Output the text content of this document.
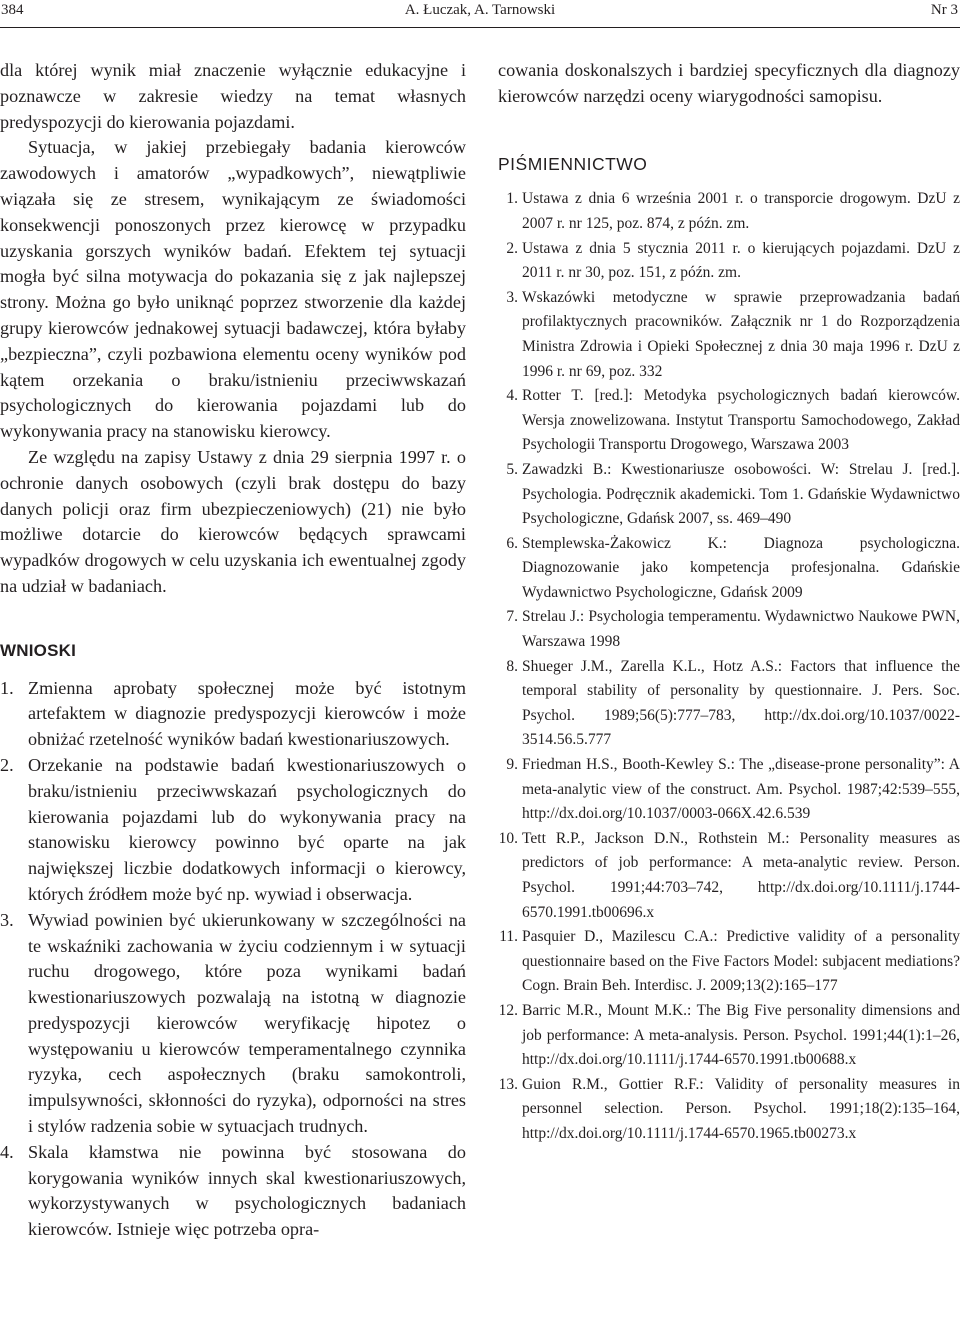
384	A. Łuczak, A. Tarnowski	Nr 3

dla której wynik miał znaczenie wyłącznie edukacyjne i poznawcze w zakresie wiedzy na temat własnych predyspozycji do kierowania pojazdami.

Sytuacja, w jakiej przebiegały badania kierowców zawodowych i amatorów „wypadkowych”, niewątpliwie wiązała się ze stresem, wynikającym ze świadomości konsekwencji ponoszonych przez kierowcę w przypadku uzyskania gorszych wyników badań. Efektem tej sytuacji mogła być silna motywacja do pokazania się z jak najlepszej strony. Można go było uniknąć poprzez stworzenie dla każdej grupy kierowców jednakowej sytuacji badawczej, która byłaby „bezpieczna”, czyli pozbawiona elementu oceny wyników pod kątem orzekania o braku/istnieniu przeciwwskazań psychologicznych do kierowania pojazdami lub do wykonywania pracy na stanowisku kierowcy.

Ze względu na zapisy Ustawy z dnia 29 sierpnia 1997 r. o ochronie danych osobowych (czyli brak dostępu do bazy danych policji oraz firm ubezpieczeniowych) (21) nie było możliwe dotarcie do kierowców będących sprawcami wypadków drogowych w celu uzyskania ich ewentualnej zgody na udział w badaniach.

WNIOSKI
1. Zmienna aprobaty społecznej może być istotnym artefaktem w diagnozie predyspozycji kierowców i może obniżać rzetelność wyników badań kwestionariuszowych.
2. Orzekanie na podstawie badań kwestionariuszowych o braku/istnieniu przeciwwskazań psychologicznych do kierowania pojazdami lub do wykonywania pracy na stanowisku kierowcy powinno być oparte na jak największej liczbie dodatkowych informacji o kierowcy, których źródłem może być np. wywiad i obserwacja.
3. Wywiad powinien być ukierunkowany w szczególności na te wskaźniki zachowania w życiu codziennym i w sytuacji ruchu drogowego, które poza wynikami badań kwestionariuszowych pozwalają na istotną w diagnozie predyspozycji kierowców weryfikację hipotez o występowaniu u kierowców temperamentalnego czynnika ryzyka, cech aspołecznych (braku samokontroli, impulsywności, skłonności do ryzyka), odporności na stres i stylów radzenia sobie w sytuacjach trudnych.
4. Skala kłamstwa nie powinna być stosowana do korygowania wyników innych skal kwestionariuszowych, wykorzystywanych w psychologicznych badaniach kierowców. Istnieje więc potrzeba opra-

cowania doskonalszych i bardziej specyficznych dla diagnozy kierowców narzędzi oceny wiarygodności samopisu.

PIŚMIENNICTWO
1. Ustawa z dnia 6 września 2001 r. o transporcie drogowym. DzU z 2007 r. nr 125, poz. 874, z późn. zm.
2. Ustawa z dnia 5 stycznia 2011 r. o kierujących pojazdami. DzU z 2011 r. nr 30, poz. 151, z późn. zm.
3. Wskazówki metodyczne w sprawie przeprowadzania badań profilaktycznych pracowników. Załącznik nr 1 do Rozporządzenia Ministra Zdrowia i Opieki Społecznej z dnia 30 maja 1996 r. DzU z 1996 r. nr 69, poz. 332
4. Rotter T. [red.]: Metodyka psychologicznych badań kierowców. Wersja znowelizowana. Instytut Transportu Samochodowego, Zakład Psychologii Transportu Drogowego, Warszawa 2003
5. Zawadzki B.: Kwestionariusze osobowości. W: Strelau J. [red.]. Psychologia. Podręcznik akademicki. Tom 1. Gdańskie Wydawnictwo Psychologiczne, Gdańsk 2007, ss. 469–490
6. Stemplewska-Żakowicz K.: Diagnoza psychologiczna. Diagnozowanie jako kompetencja profesjonalna. Gdańskie Wydawnictwo Psychologiczne, Gdańsk 2009
7. Strelau J.: Psychologia temperamentu. Wydawnictwo Naukowe PWN, Warszawa 1998
8. Shueger J.M., Zarella K.L., Hotz A.S.: Factors that influence the temporal stability of personality by questionnaire. J. Pers. Soc. Psychol. 1989;56(5):777–783, http://dx.doi.org/10.1037/0022-3514.56.5.777
9. Friedman H.S., Booth-Kewley S.: The „disease-prone personality”: A meta-analytic view of the construct. Am. Psychol. 1987;42:539–555, http://dx.doi.org/10.1037/0003-066X.42.6.539
10. Tett R.P., Jackson D.N., Rothstein M.: Personality measures as predictors of job performance: A meta-analytic review. Person. Psychol. 1991;44:703–742, http://dx.doi.org/10.1111/j.1744-6570.1991.tb00696.x
11. Pasquier D., Mazilescu C.A.: Predictive validity of a personality questionnaire based on the Five Factors Model: subjacent mediations? Cogn. Brain Beh. Interdisc. J. 2009;13(2):165–177
12. Barric M.R., Mount M.K.: The Big Five personality dimensions and job performance: A meta-analysis. Person. Psychol. 1991;44(1):1–26, http://dx.doi.org/10.1111/j.1744-6570.1991.tb00688.x
13. Guion R.M., Gottier R.F.: Validity of personality measures in personnel selection. Person. Psychol. 1991;18(2):135–164, http://dx.doi.org/10.1111/j.1744-6570.1965.tb00273.x
